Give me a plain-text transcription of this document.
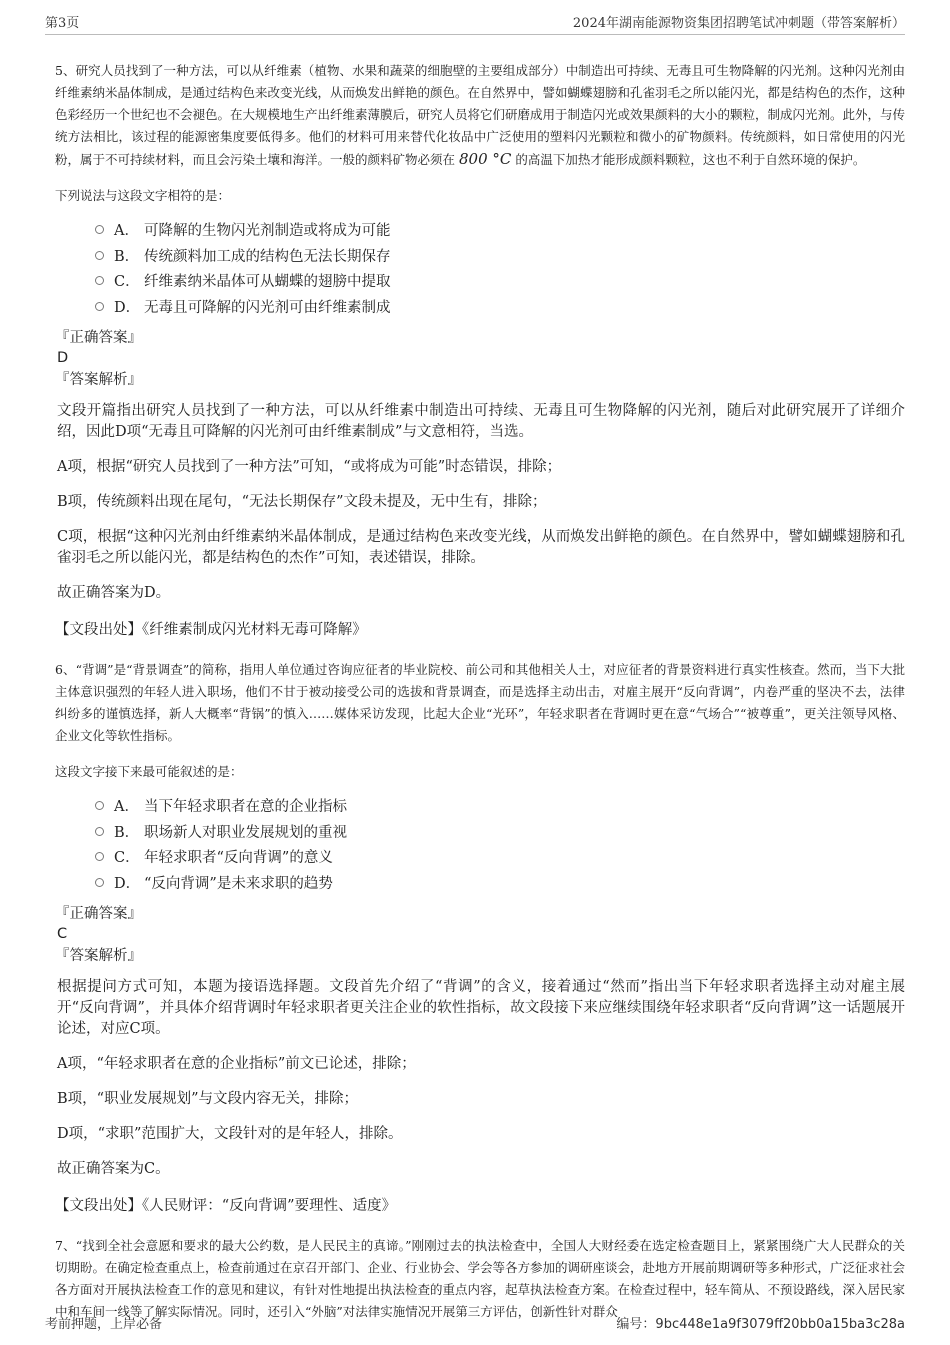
第3页	2024年湖南能源物资集团招聘笔试冲刺题（带答案解析）

5、研究人员找到了一种方法，可以从纤维素（植物、水果和蔬菜的细胞壁的主要组成部分）中制造出可持续、无毒且可生物降解的闪光剂。这种闪光剂由纤维素纳米晶体制成，是通过结构色来改变光线，从而焕发出鲜艳的颜色。在自然界中，譬如蝴蝶翅膀和孔雀羽毛之所以能闪光，都是结构色的杰作，这种色彩经历一个世纪也不会褪色。在大规模地生产出纤维素薄膜后，研究人员将它们研磨成用于制造闪光或效果颜料的大小的颗粒，制成闪光剂。此外，与传统方法相比，该过程的能源密集度要低得多。他们的材料可用来替代化妆品中广泛使用的塑料闪光颗粒和微小的矿物颜料。传统颜料，如日常使用的闪光粉，属于不可持续材料，而且会污染土壤和海洋。一般的颜料矿物必须在 800 °C 的高温下加热才能形成颜料颗粒，这也不利于自然环境的保护。

下列说法与这段文字相符的是：

A． 可降解的生物闪光剂制造或将成为可能
B． 传统颜料加工成的结构色无法长期保存
C． 纤维素纳米晶体可从蝴蝶的翅膀中提取
D． 无毒且可降解的闪光剂可由纤维素制成
『正确答案』
D
『答案解析』

文段开篇指出研究人员找到了一种方法，可以从纤维素中制造出可持续、无毒且可生物降解的闪光剂，随后对此研究展开了详细介绍，因此D项“无毒且可降解的闪光剂可由纤维素制成”与文意相符，当选。

A项，根据“研究人员找到了一种方法”可知，“或将成为可能”时态错误，排除；

B项，传统颜料出现在尾句，“无法长期保存”文段未提及，无中生有，排除；

C项，根据“这种闪光剂由纤维素纳米晶体制成，是通过结构色来改变光线，从而焕发出鲜艳的颜色。在自然界中，譬如蝴蝶翅膀和孔雀羽毛之所以能闪光，都是结构色的杰作”可知，表述错误，排除。

故正确答案为D。

【文段出处】《纤维素制成闪光材料无毒可降解》

6、“背调”是“背景调查”的简称，指用人单位通过咨询应征者的毕业院校、前公司和其他相关人士，对应征者的背景资料进行真实性核查。然而，当下大批主体意识强烈的年轻人进入职场，他们不甘于被动接受公司的选拔和背景调查，而是选择主动出击，对雇主展开“反向背调”，内卷严重的坚决不去，法律纠纷多的谨慎选择，新人大概率“背锅”的慎入……媒体采访发现，比起大企业“光环”，年轻求职者在背调时更在意“气场合”“被尊重”，更关注领导风格、企业文化等软性指标。

这段文字接下来最可能叙述的是：

A． 当下年轻求职者在意的企业指标
B． 职场新人对职业发展规划的重视
C． 年轻求职者“反向背调”的意义
D． “反向背调”是未来求职的趋势
『正确答案』
C
『答案解析』

根据提问方式可知，本题为接语选择题。文段首先介绍了“背调”的含义，接着通过“然而”指出当下年轻求职者选择主动对雇主展开“反向背调”，并具体介绍背调时年轻求职者更关注企业的软性指标，故文段接下来应继续围绕年轻求职者“反向背调”这一话题展开论述，对应C项。

A项，“年轻求职者在意的企业指标”前文已论述，排除；

B项，“职业发展规划”与文段内容无关，排除；

D项，“求职”范围扩大，文段针对的是年轻人，排除。

故正确答案为C。

【文段出处】《人民财评：“反向背调”要理性、适度》

7、“找到全社会意愿和要求的最大公约数，是人民民主的真谛。”刚刚过去的执法检查中，全国人大财经委在选定检查题目上，紧紧围绕广大人民群众的关切期盼。在确定检查重点上，检查前通过在京召开部门、企业、行业协会、学会等各方参加的调研座谈会，赴地方开展前期调研等多种形式，广泛征求社会各方面对开展执法检查工作的意见和建议，有针对性地提出执法检查的重点内容，起草执法检查方案。在检查过程中，轻车简从、不预设路线，深入居民家中和车间一线等了解实际情况。同时，还引入“外脑”对法律实施情况开展第三方评估，创新性针对群众

考前押题，上岸必备	编号：9bc448e1a9f3079ff20bb0a15ba3c28a
